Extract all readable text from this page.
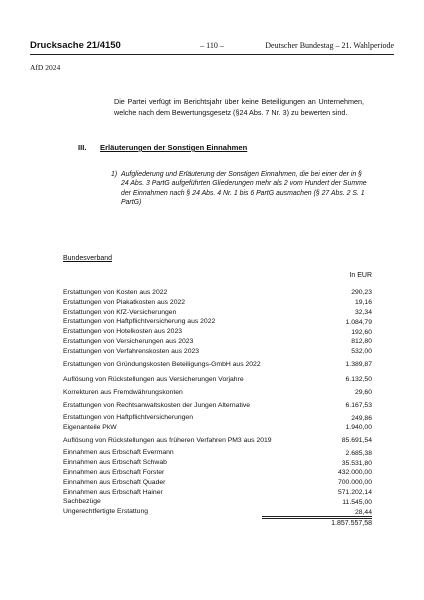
Drucksache 21/4150	– 110 –	Deutscher Bundestag – 21. Wahlperiode
AfD 2024
Die Partei verfügt im Berichtsjahr über keine Beteiligungen an Unternehmen, welche nach dem Bewertungsgesetz (§24 Abs. 7 Nr. 3) zu bewerten sind.
III. Erläuterungen der Sonstigen Einnahmen
1) Aufgliederung und Erläuterung der Sonstigen Einnahmen, die bei einer der in § 24 Abs. 3 PartG aufgeführten Gliederungen mehr als 2 vom Hundert der Summe der Einnahmen nach § 24 Abs. 4 Nr. 1 bis 6 PartG ausmachen (§ 27 Abs. 2 S. 1 PartG)
Bundesverband
In EUR
Erstattungen von Kosten aus 2022	290,23
Erstattungen von Plakatkosten aus 2022	19,16
Erstattungen von KfZ-Versicherungen	32,34
Erstattungen von Haftpflichtversicherung aus 2022	1.084,79
Erstattungen von Hotelkosten aus 2023	192,60
Erstattungen von Versicherungen aus 2023	812,80
Erstattungen von Verfahrenskosten aus 2023	532,00
Erstattungen von Gründungskosten Beteiligungs-GmbH aus 2022	1.389,87
Auflösung von Rückstellungen aus Versicherungen Vorjahre	6.132,50
Korrekturen aus Fremdwährungskonten	29,60
Erstattungen von Rechtsanwaltskosten der Jungen Alternative	6.167,53
Erstattungen von Haftpflichtversicherungen	249,86
Eigenanteile PkW	1.940,00
Auflösung von Rückstellungen aus früheren Verfahren PM3 aus 2019	85.691,54
Einnahmen aus Erbschaft Evermann	2.685,38
Einnahmen aus Erbschaft Schwab	35.531,80
Einnahmen aus Erbschaft Forster	432.000,00
Einnahmen aus Erbschaft Quader	700.000,00
Einnahmen aus Erbschaft Hainer	571.202,14
Sachbezüge	11.545,00
Ungerechtfertigte Erstattung	28,44
1.857.557,58
